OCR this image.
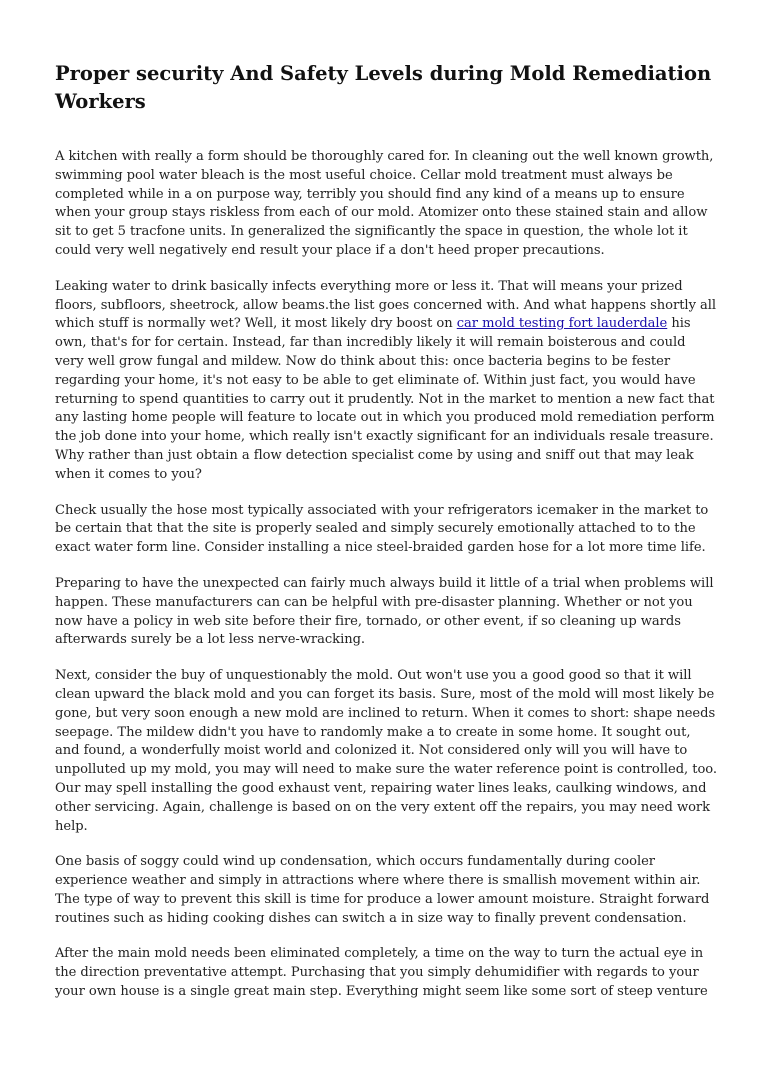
Proper security And Safety Levels during Mold Remediation Workers

A kitchen with really a form should be thoroughly cared for. In cleaning out the well known growth, swimming pool water bleach is the most useful choice. Cellar mold treatment must always be completed while in a on purpose way, terribly you should find any kind of a means up to ensure when your group stays riskless from each of our mold. Atomizer onto these stained stain and allow sit to get 5 tracfone units. In generalized the significantly the space in question, the whole lot it could very well negatively end result your place if a don't heed proper precautions.

Leaking water to drink basically infects everything more or less it. That will means your prized floors, subfloors, sheetrock, allow beams.the list goes concerned with. And what happens shortly all which stuff is normally wet? Well, it most likely dry boost on car mold testing fort lauderdale his own, that's for for certain. Instead, far than incredibly likely it will remain boisterous and could very well grow fungal and mildew. Now do think about this: once bacteria begins to be fester regarding your home, it's not easy to be able to get eliminate of. Within just fact, you would have returning to spend quantities to carry out it prudently. Not in the market to mention a new fact that any lasting home people will feature to locate out in which you produced mold remediation perform the job done into your home, which really isn't exactly significant for an individuals resale treasure. Why rather than just obtain a flow detection specialist come by using and sniff out that may leak when it comes to you?

Check usually the hose most typically associated with your refrigerators icemaker in the market to be certain that that the site is properly sealed and simply securely emotionally attached to to the exact water form line. Consider installing a nice steel-braided garden hose for a lot more time life.

Preparing to have the unexpected can fairly much always build it little of a trial when problems will happen. These manufacturers can can be helpful with pre-disaster planning. Whether or not you now have a policy in web site before their fire, tornado, or other event, if so cleaning up wards afterwards surely be a lot less nerve-wracking.

Next, consider the buy of unquestionably the mold. Out won't use you a good good so that it will clean upward the black mold and you can forget its basis. Sure, most of the mold will most likely be gone, but very soon enough a new mold are inclined to return. When it comes to short: shape needs seepage. The mildew didn't you have to randomly make a to create in some home. It sought out, and found, a wonderfully moist world and colonized it. Not considered only will you will have to unpolluted up my mold, you may will need to make sure the water reference point is controlled, too. Our may spell installing the good exhaust vent, repairing water lines leaks, caulking windows, and other servicing. Again, challenge is based on on the very extent off the repairs, you may need work help.

One basis of soggy could wind up condensation, which occurs fundamentally during cooler experience weather and simply in attractions where where there is smallish movement within air. The type of way to prevent this skill is time for produce a lower amount moisture. Straight forward routines such as hiding cooking dishes can switch a in size way to finally prevent condensation.

After the main mold needs been eliminated completely, a time on the way to turn the actual eye in the direction preventative attempt. Purchasing that you simply dehumidifier with regards to your your own house is a single great main step. Everything might seem like some sort of steep venture
